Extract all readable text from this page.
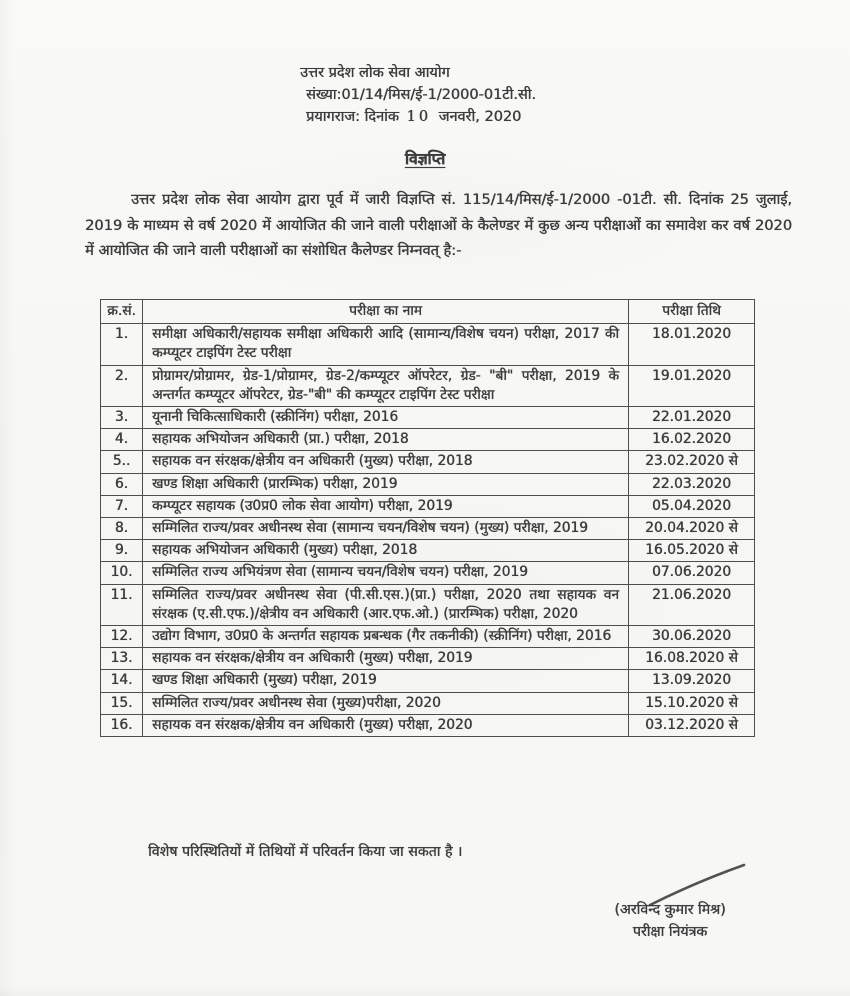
उत्तर प्रदेश लोक सेवा आयोग
संख्या:01/14/मिस/ई-1/2000-01टी.सी.
प्रयागराज: दिनांक 10 जनवरी, 2020
विज्ञप्ति
उत्तर प्रदेश लोक सेवा आयोग द्वारा पूर्व में जारी विज्ञप्ति सं. 115/14/मिस/ई-1/2000 -01टी. सी. दिनांक 25 जुलाई, 2019 के माध्यम से वर्ष 2020 में आयोजित की जाने वाली परीक्षाओं के कैलेण्डर में कुछ अन्य परीक्षाओं का समावेश कर वर्ष 2020 में आयोजित की जाने वाली परीक्षाओं का संशोधित कैलेण्डर निम्नवत् है:-
क्र.सं.	परीक्षा का नाम	परीक्षा तिथि
1.	समीक्षा अधिकारी/सहायक समीक्षा अधिकारी आदि (सामान्य/विशेष चयन) परीक्षा, 2017 की कम्प्यूटर टाइपिंग टेस्ट परीक्षा	18.01.2020
2.	प्रोग्रामर/प्रोग्रामर, ग्रेड-1/प्रोग्रामर, ग्रेड-2/कम्प्यूटर ऑपरेटर, ग्रेड- "बी" परीक्षा, 2019 के अन्तर्गत कम्प्यूटर ऑपरेटर, ग्रेड-"बी" की कम्प्यूटर टाइपिंग टेस्ट परीक्षा	19.01.2020
3.	यूनानी चिकित्साधिकारी (स्क्रीनिंग) परीक्षा, 2016	22.01.2020
4.	सहायक अभियोजन अधिकारी (प्रा.) परीक्षा, 2018	16.02.2020
5..	सहायक वन संरक्षक/क्षेत्रीय वन अधिकारी (मुख्य) परीक्षा, 2018	23.02.2020 से
6.	खण्ड शिक्षा अधिकारी (प्रारम्भिक) परीक्षा, 2019	22.03.2020
7.	कम्प्यूटर सहायक (उ0प्र0 लोक सेवा आयोग) परीक्षा, 2019	05.04.2020
8.	सम्मिलित राज्य/प्रवर अधीनस्थ सेवा (सामान्य चयन/विशेष चयन) (मुख्य) परीक्षा, 2019	20.04.2020 से
9.	सहायक अभियोजन अधिकारी (मुख्य) परीक्षा, 2018	16.05.2020 से
10.	सम्मिलित राज्य अभियंत्रण सेवा (सामान्य चयन/विशेष चयन) परीक्षा, 2019	07.06.2020
11.	सम्मिलित राज्य/प्रवर अधीनस्थ सेवा (पी.सी.एस.)(प्रा.) परीक्षा, 2020 तथा सहायक वन संरक्षक (ए.सी.एफ.)/क्षेत्रीय वन अधिकारी (आर.एफ.ओ.) (प्रारम्भिक) परीक्षा, 2020	21.06.2020
12.	उद्योग विभाग, उ0प्र0 के अन्तर्गत सहायक प्रबन्धक (गैर तकनीकी) (स्क्रीनिंग) परीक्षा, 2016	30.06.2020
13.	सहायक वन संरक्षक/क्षेत्रीय वन अधिकारी (मुख्य) परीक्षा, 2019	16.08.2020 से
14.	खण्ड शिक्षा अधिकारी (मुख्य) परीक्षा, 2019	13.09.2020
15.	सम्मिलित राज्य/प्रवर अधीनस्थ सेवा (मुख्य)परीक्षा, 2020	15.10.2020 से
16.	सहायक वन संरक्षक/क्षेत्रीय वन अधिकारी (मुख्य) परीक्षा, 2020	03.12.2020 से
विशेष परिस्थितियों में तिथियों में परिवर्तन किया जा सकता है ।
(अरविन्द कुमार मिश्र)
परीक्षा नियंत्रक
